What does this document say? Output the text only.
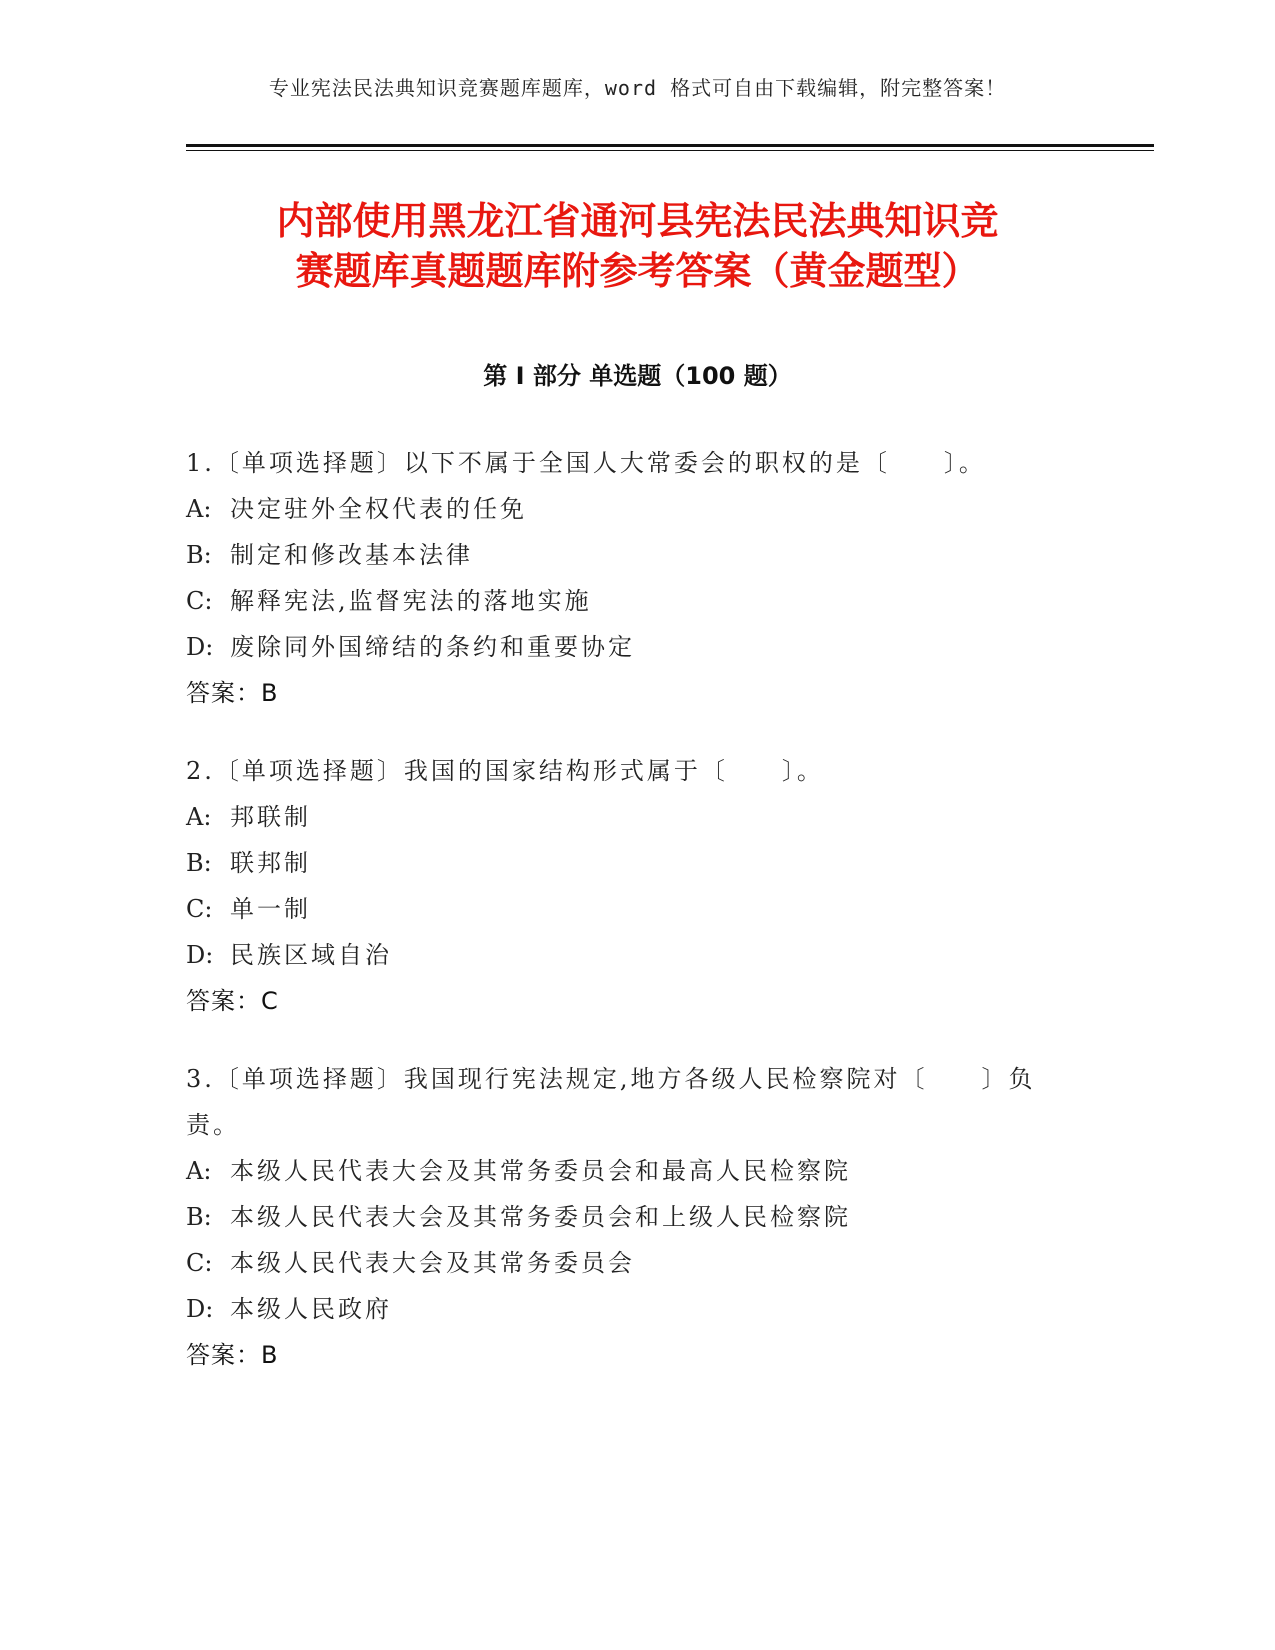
专业宪法民法典知识竞赛题库题库，word 格式可自由下载编辑，附完整答案！
内部使用黑龙江省通河县宪法民法典知识竞
赛题库真题题库附参考答案（黄金题型）
第 I 部分 单选题（100 题）
1.〔单项选择题〕以下不属于全国人大常委会的职权的是〔　　〕。
A: 决定驻外全权代表的任免
B: 制定和修改基本法律
C: 解释宪法,监督宪法的落地实施
D: 废除同外国缔结的条约和重要协定
答案：B
2.〔单项选择题〕我国的国家结构形式属于〔　　〕。
A: 邦联制
B: 联邦制
C: 单一制
D: 民族区域自治
答案：C
3.〔单项选择题〕我国现行宪法规定,地方各级人民检察院对〔　　〕负责。
A: 本级人民代表大会及其常务委员会和最高人民检察院
B: 本级人民代表大会及其常务委员会和上级人民检察院
C: 本级人民代表大会及其常务委员会
D: 本级人民政府
答案：B
